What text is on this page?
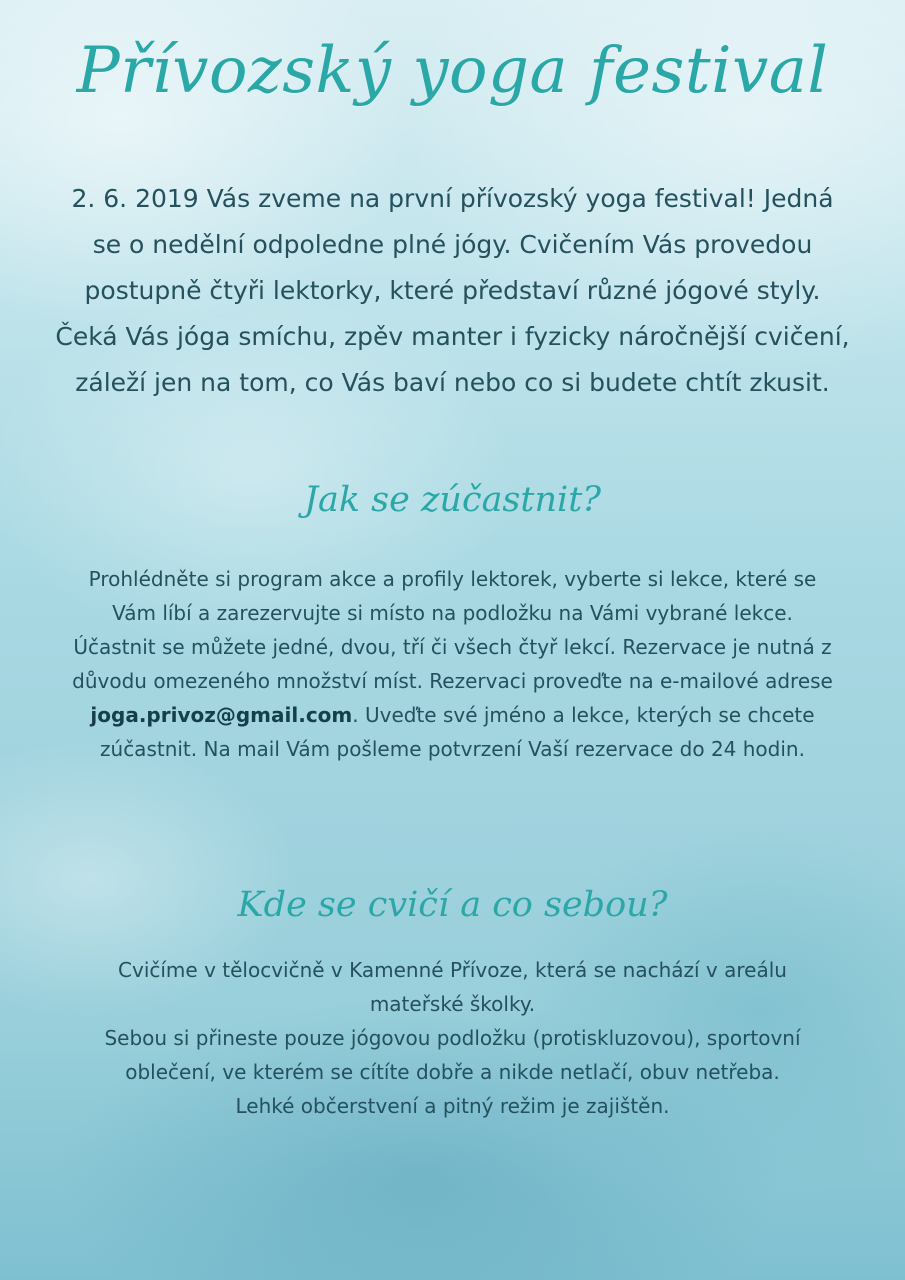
Přívozský yoga festival

2. 6. 2019 Vás zveme na první přívozský yoga festival! Jedná se o nedělní odpoledne plné jógy. Cvičením Vás provedou postupně čtyři lektorky, které představí různé jógové styly.

Čeká Vás jóga smíchu, zpěv manter i fyzicky náročnější cvičení, záleží jen na tom, co Vás baví nebo co si budete chtít zkusit.

Jak se zúčastnit?

Prohlédněte si program akce a profily lektorek, vyberte si lekce, které se Vám líbí a zarezervujte si místo na podložku na Vámi vybrané lekce. Účastnit se můžete jedné, dvou, tří či všech čtyř lekcí. Rezervace je nutná z důvodu omezeného množství míst. Rezervaci proveďte na e-mailové adrese joga.privoz@gmail.com. Uveďte své jméno a lekce, kterých se chcete zúčastnit. Na mail Vám pošleme potvrzení Vaší rezervace do 24 hodin.

Kde se cvičí a co sebou?

Cvičíme v tělocvičně v Kamenné Přívoze, která se nachází v areálu mateřské školky.

Sebou si přineste pouze jógovou podložku (protiskluzovou), sportovní oblečení, ve kterém se cítíte dobře a nikde netlačí, obuv netřeba.

Lehké občerstvení a pitný režim je zajištěn.
